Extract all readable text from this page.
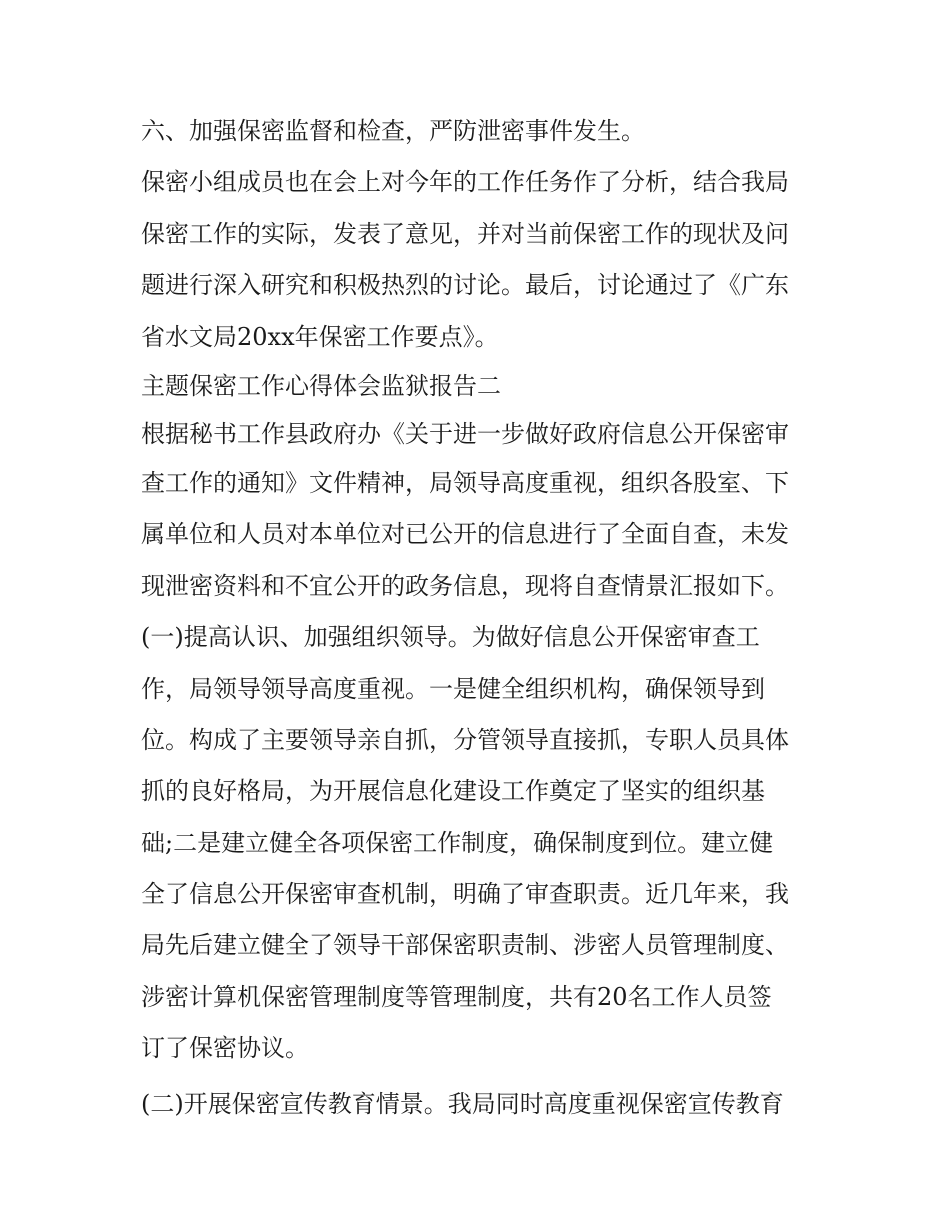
六、加强保密监督和检查，严防泄密事件发生。
保密小组成员也在会上对今年的工作任务作了分析，结合我局
保密工作的实际，发表了意见，并对当前保密工作的现状及问
题进行深入研究和积极热烈的讨论。最后，讨论通过了《广东
省水文局20xx年保密工作要点》。
主题保密工作心得体会监狱报告二
根据秘书工作县政府办《关于进一步做好政府信息公开保密审
查工作的通知》文件精神，局领导高度重视，组织各股室、下
属单位和人员对本单位对已公开的信息进行了全面自查，未发
现泄密资料和不宜公开的政务信息，现将自查情景汇报如下。
(一)提高认识、加强组织领导。为做好信息公开保密审查工
作，局领导领导高度重视。一是健全组织机构，确保领导到
位。构成了主要领导亲自抓，分管领导直接抓，专职人员具体
抓的良好格局，为开展信息化建设工作奠定了坚实的组织基
础;二是建立健全各项保密工作制度，确保制度到位。建立健
全了信息公开保密审查机制，明确了审查职责。近几年来，我
局先后建立健全了领导干部保密职责制、涉密人员管理制度、
涉密计算机保密管理制度等管理制度，共有20名工作人员签
订了保密协议。
(二)开展保密宣传教育情景。我局同时高度重视保密宣传教育
